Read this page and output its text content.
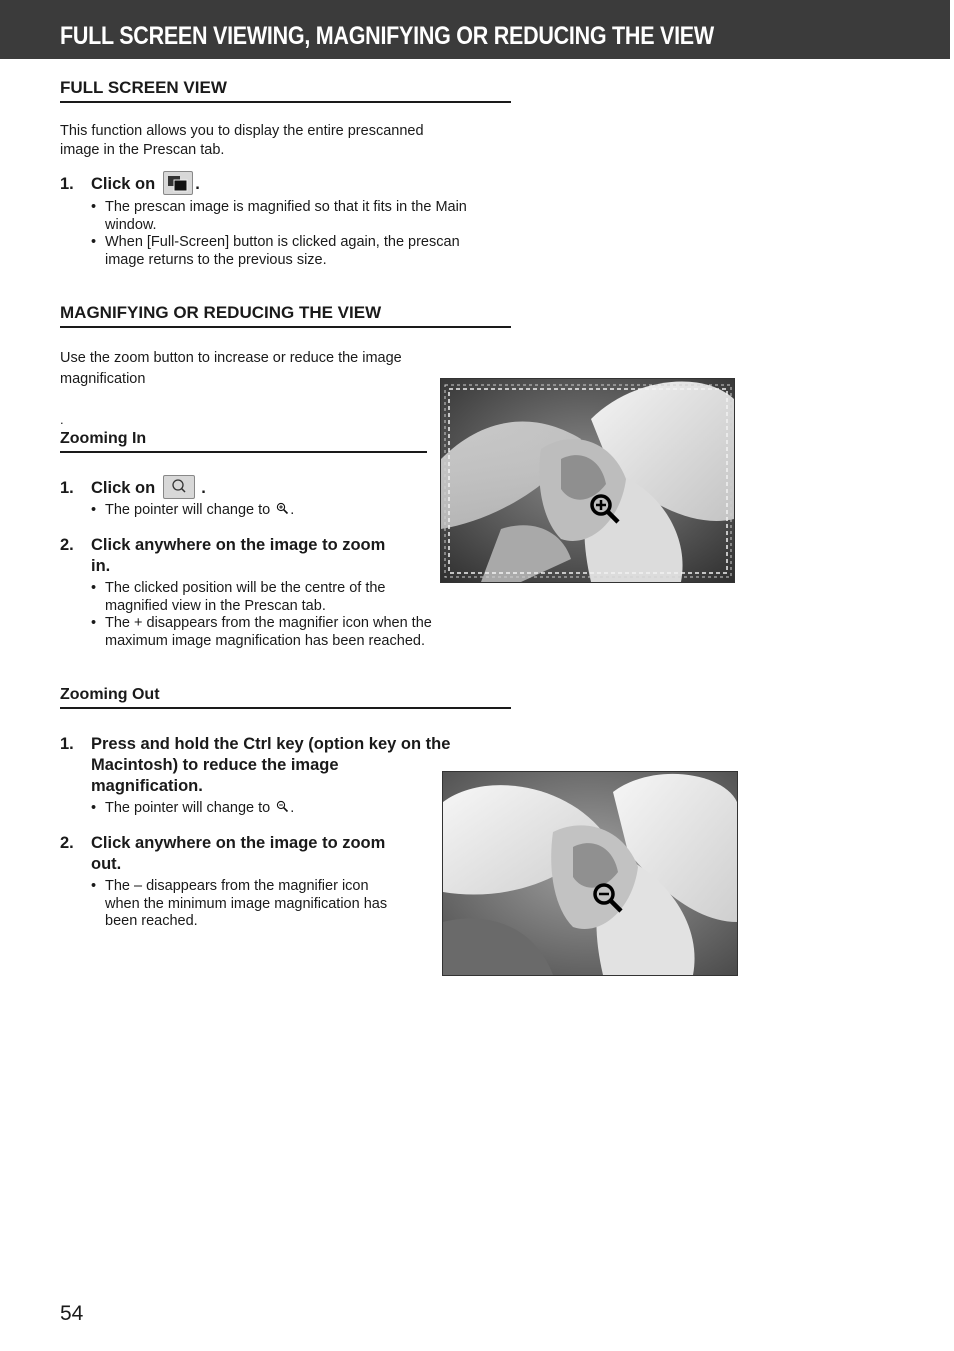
FULL SCREEN VIEWING, MAGNIFYING OR REDUCING THE VIEW
FULL SCREEN VIEW
This function allows you to display the entire prescanned
image in the Prescan tab.
1. Click on .
• The prescan image is magnified so that it fits in the Main
window.
• When [Full-Screen] button is clicked again, the prescan
image returns to the previous size.
MAGNIFYING OR REDUCING THE VIEW
Use the zoom button to increase or reduce the image
magnification
.
Zooming In
1. Click on	.
• The pointer will change to .
2. Click anywhere on the image to zoom
in.
• The clicked position will be the centre of the
magnified view in the Prescan tab.
• The + disappears from the magnifier icon when the
maximum image magnification has been reached.
Zooming Out
1. Press and hold the Ctrl key (option key on the
Macintosh) to reduce the image
magnification.
• The pointer will change to .
2. Click anywhere on the image to zoom
out.
• The – disappears from the magnifier icon
when the minimum image magnification has
been reached.
54
